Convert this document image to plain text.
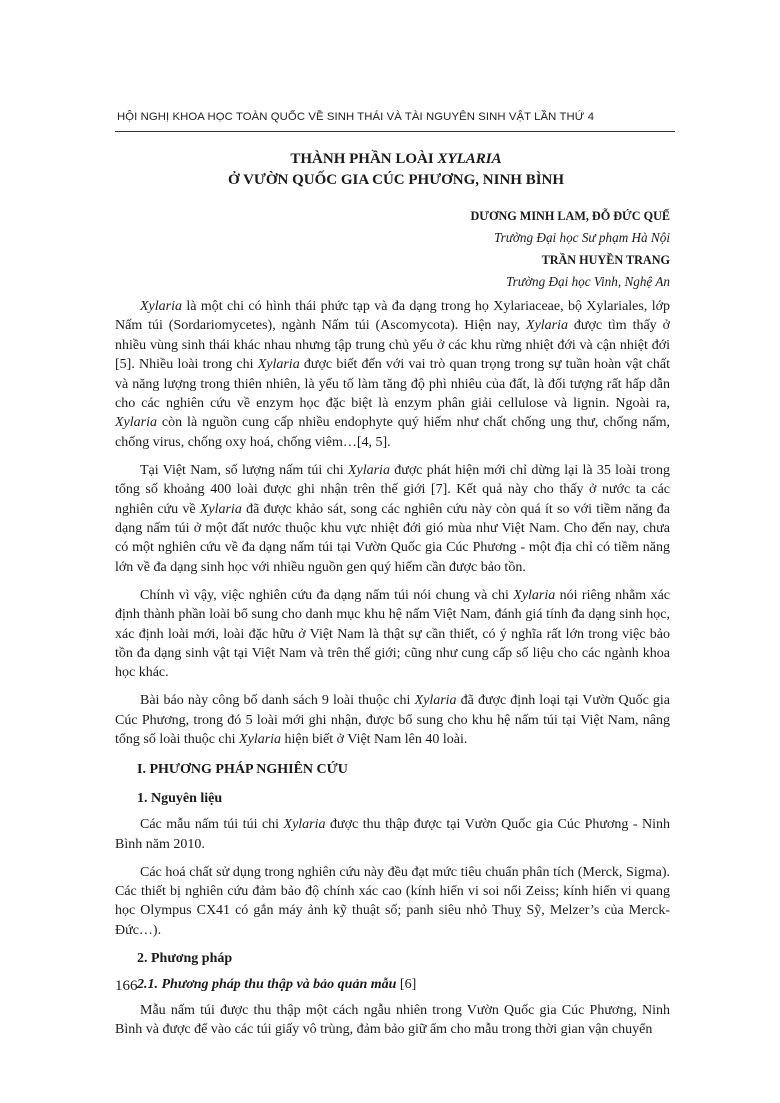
HỘI NGHỊ KHOA HỌC TOÀN QUỐC VỀ SINH THÁI VÀ TÀI NGUYÊN SINH VẬT LẦN THỨ 4
THÀNH PHẦN LOÀI XYLARIA
Ở VƯỜN QUỐC GIA CÚC PHƯƠNG, NINH BÌNH
DƯƠNG MINH LAM, ĐỖ ĐỨC QUẾ
Trường Đại học Sư phạm Hà Nội
TRẦN HUYỀN TRANG
Trường Đại học Vinh, Nghệ An

Xylaria là một chi có hình thái phức tạp và đa dạng trong họ Xylariaceae, bộ Xylariales, lớp Nấm túi (Sordariomycetes), ngành Nấm túi (Ascomycota). Hiện nay, Xylaria được tìm thấy ở nhiều vùng sinh thái khác nhau nhưng tập trung chủ yếu ở các khu rừng nhiệt đới và cận nhiệt đới [5]. Nhiều loài trong chi Xylaria được biết đến với vai trò quan trọng trong sự tuần hoàn vật chất và năng lượng trong thiên nhiên, là yếu tố làm tăng độ phì nhiêu của đất, là đối tượng rất hấp dẫn cho các nghiên cứu về enzym học đặc biệt là enzym phân giải cellulose và lignin. Ngoài ra, Xylaria còn là nguồn cung cấp nhiều endophyte quý hiếm như chất chống ung thư, chống nấm, chống virus, chống oxy hoá, chống viêm…[4, 5].

Tại Việt Nam, số lượng nấm túi chi Xylaria được phát hiện mới chỉ dừng lại là 35 loài trong tổng số khoảng 400 loài được ghi nhận trên thế giới [7]. Kết quả này cho thấy ở nước ta các nghiên cứu về Xylaria đã được khảo sát, song các nghiên cứu này còn quá ít so với tiềm năng đa dạng nấm túi ở một đất nước thuộc khu vực nhiệt đới gió mùa như Việt Nam. Cho đến nay, chưa có một nghiên cứu về đa dạng nấm túi tại Vườn Quốc gia Cúc Phương - một địa chỉ có tiềm năng lớn về đa dạng sinh học với nhiều nguồn gen quý hiếm cần được bảo tồn.

Chính vì vậy, việc nghiên cứu đa dạng nấm túi nói chung và chi Xylaria nói riêng nhằm xác định thành phần loài bổ sung cho danh mục khu hệ nấm Việt Nam, đánh giá tính đa dạng sinh học, xác định loài mới, loài đặc hữu ở Việt Nam là thật sự cần thiết, có ý nghĩa rất lớn trong việc bảo tồn đa dạng sinh vật tại Việt Nam và trên thế giới; cũng như cung cấp số liệu cho các ngành khoa học khác.

Bài báo này công bố danh sách 9 loài thuộc chi Xylaria đã được định loại tại Vườn Quốc gia Cúc Phương, trong đó 5 loài mới ghi nhận, được bổ sung cho khu hệ nấm túi tại Việt Nam, nâng tổng số loài thuộc chi Xylaria hiện biết ở Việt Nam lên 40 loài.

I. PHƯƠNG PHÁP NGHIÊN CỨU

1. Nguyên liệu

Các mẫu nấm túi túi chi Xylaria được thu thập được tại Vườn Quốc gia Cúc Phương - Ninh Bình năm 2010.

Các hoá chất sử dụng trong nghiên cứu này đều đạt mức tiêu chuẩn phân tích (Merck, Sigma). Các thiết bị nghiên cứu đảm bảo độ chính xác cao (kính hiển vi soi nổi Zeiss; kính hiển vi quang học Olympus CX41 có gắn máy ảnh kỹ thuật số; panh siêu nhỏ Thuỵ Sỹ, Melzer’s của Merck-Đức…).

2. Phương pháp

2.1. Phương pháp thu thập và bảo quản mẫu [6]

Mẫu nấm túi được thu thập một cách ngẫu nhiên trong Vườn Quốc gia Cúc Phương, Ninh Bình và được để vào các túi giấy vô trùng, đảm bảo giữ ẩm cho mẫu trong thời gian vận chuyển

166
